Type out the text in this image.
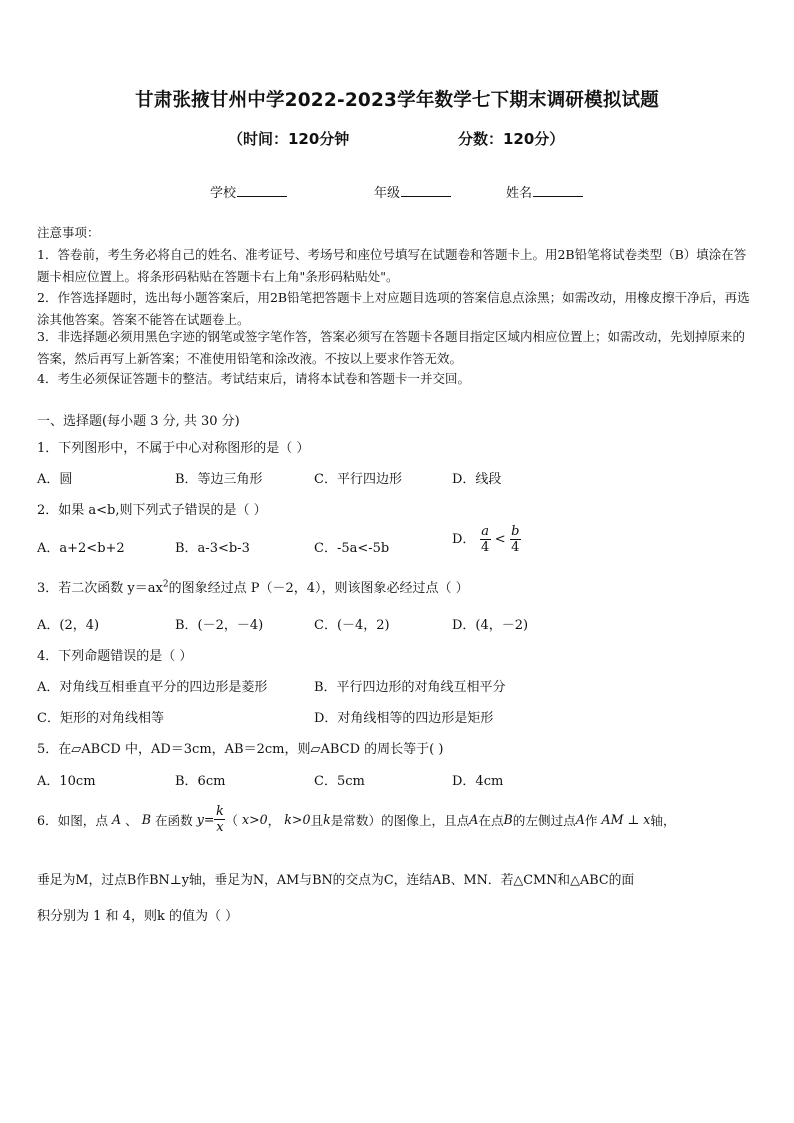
甘肃张掖甘州中学2022-2023学年数学七下期末调研模拟试题
（时间：120分钟	分数：120分）
学校	年级	姓名
注意事项：
1．答卷前，考生务必将自己的姓名、准考证号、考场号和座位号填写在试题卷和答题卡上。用2B铅笔将试卷类型（B）填涂在答题卡相应位置上。将条形码粘贴在答题卡右上角"条形码粘贴处"。
2．作答选择题时，选出每小题答案后，用2B铅笔把答题卡上对应题目选项的答案信息点涂黑；如需改动，用橡皮擦干净后，再选涂其他答案。答案不能答在试题卷上。
3．非选择题必须用黑色字迹的钢笔或签字笔作答，答案必须写在答题卡各题目指定区域内相应位置上；如需改动，先划掉原来的答案，然后再写上新答案；不准使用铅笔和涂改液。不按以上要求作答无效。
4．考生必须保证答题卡的整洁。考试结束后，请将本试卷和答题卡一并交回。
一、选择题(每小题 3 分, 共 30 分)
1．下列图形中，不属于中心对称图形的是（ ）
A．圆	B．等边三角形	C．平行四边形	D．线段
2．如果 a<b,则下列式子错误的是（ ）
A．a+2<b+2	B．a-3<b-3	C．-5a<-5b
D． $\frac{a}{4} < \frac{b}{4}$
3．若二次函数 $y=ax^2$的图象经过点 P（－2，4），则该图象必经过点（ ）
A．(2，4)	B．(－2，－4)	C．(－4，2)	D．(4，－2)
4．下列命题错误的是（ ）
A．对角线互相垂直平分的四边形是菱形	B．平行四边形的对角线互相平分
C．矩形的对角线相等	D．对角线相等的四边形是矩形
5．在▱ABCD 中，AD＝3cm，AB＝2cm，则▱ABCD 的周长等于( )
A．10cm	B．6cm	C．5cm	D．4cm
6．如图，点 A 、 B 在函数 $y= \frac{k}{x}$ （ x>0 ， k>0 且 k 是常数）的图像上，且点 A 在点 B 的左侧过点 A 作 AM ⊥ x 轴，
垂足为M，过点B作BN⊥y轴，垂足为N，AM与BN的交点为C，连结AB、MN．若△CMN和△ABC的面
积分别为 1 和 4，则k 的值为（ ）
